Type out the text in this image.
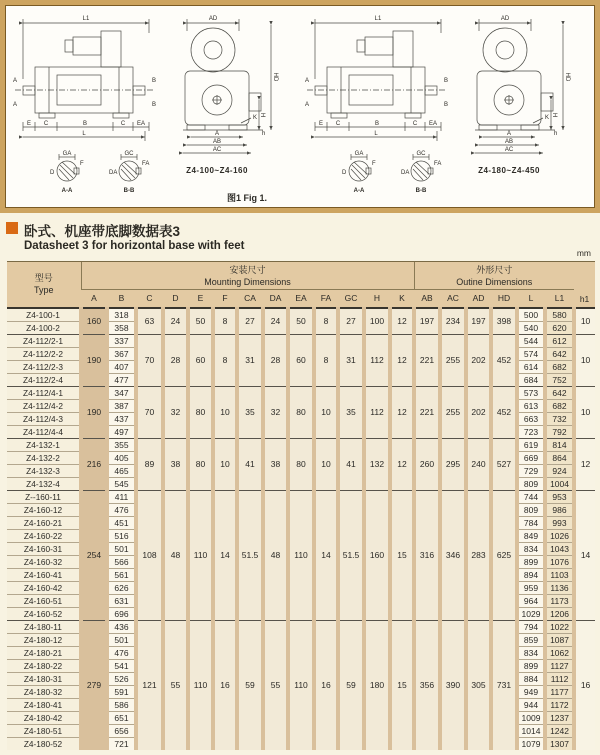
L1
A
A
B
B
E C	B	C EA
L
AD
H
HD
K
h
A
AB
AC
GA
D
F
A-A
GC
DA
FA
B-B
Z4-100~Z4-160	Z4-180~Z4-450
图1 Fig 1.
卧式、机座带底脚数据表3
Datasheet 3 for horizontal base with feet
mm
型号
Type	安装尺寸
Mounting Dimensions													外形尺寸
Outine Dimensions						h1
	A	B	C	D	E	F	CA	DA	EA	FA	GC	H	K	AB	AC	AD	HD	L	L1	
Z4-100-1	160	318	63	24	50	8	27	24	50	8	27	100	12	197	234	197	398	500	580	10
Z4-100-2		358																540	620	
Z4-112/2-1	190	337	70	28	60	8	31	28	60	8	31	112	12	221	255	202	452	544	612	10
Z4-112/2-2		367																574	642	
Z4-112/2-3		407																614	682	
Z4-112/2-4		477																684	752	
Z4-112/4-1	190	347	70	32	80	10	35	32	80	10	35	112	12	221	255	202	452	573	642	10
Z4-112/4-2		387																613	682	
Z4-112/4-3		437																663	732	
Z4-112/4-4		497																723	792	
Z4-132-1	216	355	89	38	80	10	41	38	80	10	41	132	12	260	295	240	527	619	814	12
Z4-132-2		405																669	864	
Z4-132-3		465																729	924	
Z4-132-4		545																809	1004	
Z--160-11	254	411	108	48	110	14	51.5	48	110	14	51.5	160	15	316	346	283	625	744	953	14
Z4-160-12		476																809	986	
Z4-160-21		451																784	993	
Z4-160-22		516																849	1026	
Z4-160-31		501																834	1043	
Z4-160-32		566																899	1076	
Z4-160-41		561																894	1103	
Z4-160-42		626																959	1136	
Z4-160-51		631																964	1173	
Z4-160-52		696																1029	1206	
Z4-180-11	279	436	121	55	110	16	59	55	110	16	59	180	15	356	390	305	731	794	1022	16
Z4-180-12		501																859	1087	
Z4-180-21		476																834	1062	
Z4-180-22		541																899	1127	
Z4-180-31		526																884	1112	
Z4-180-32		591																949	1177	
Z4-180-41		586																944	1172	
Z4-180-42		651																1009	1237	
Z4-180-51		656																1014	1242	
Z4-180-52		721																1079	1307	
